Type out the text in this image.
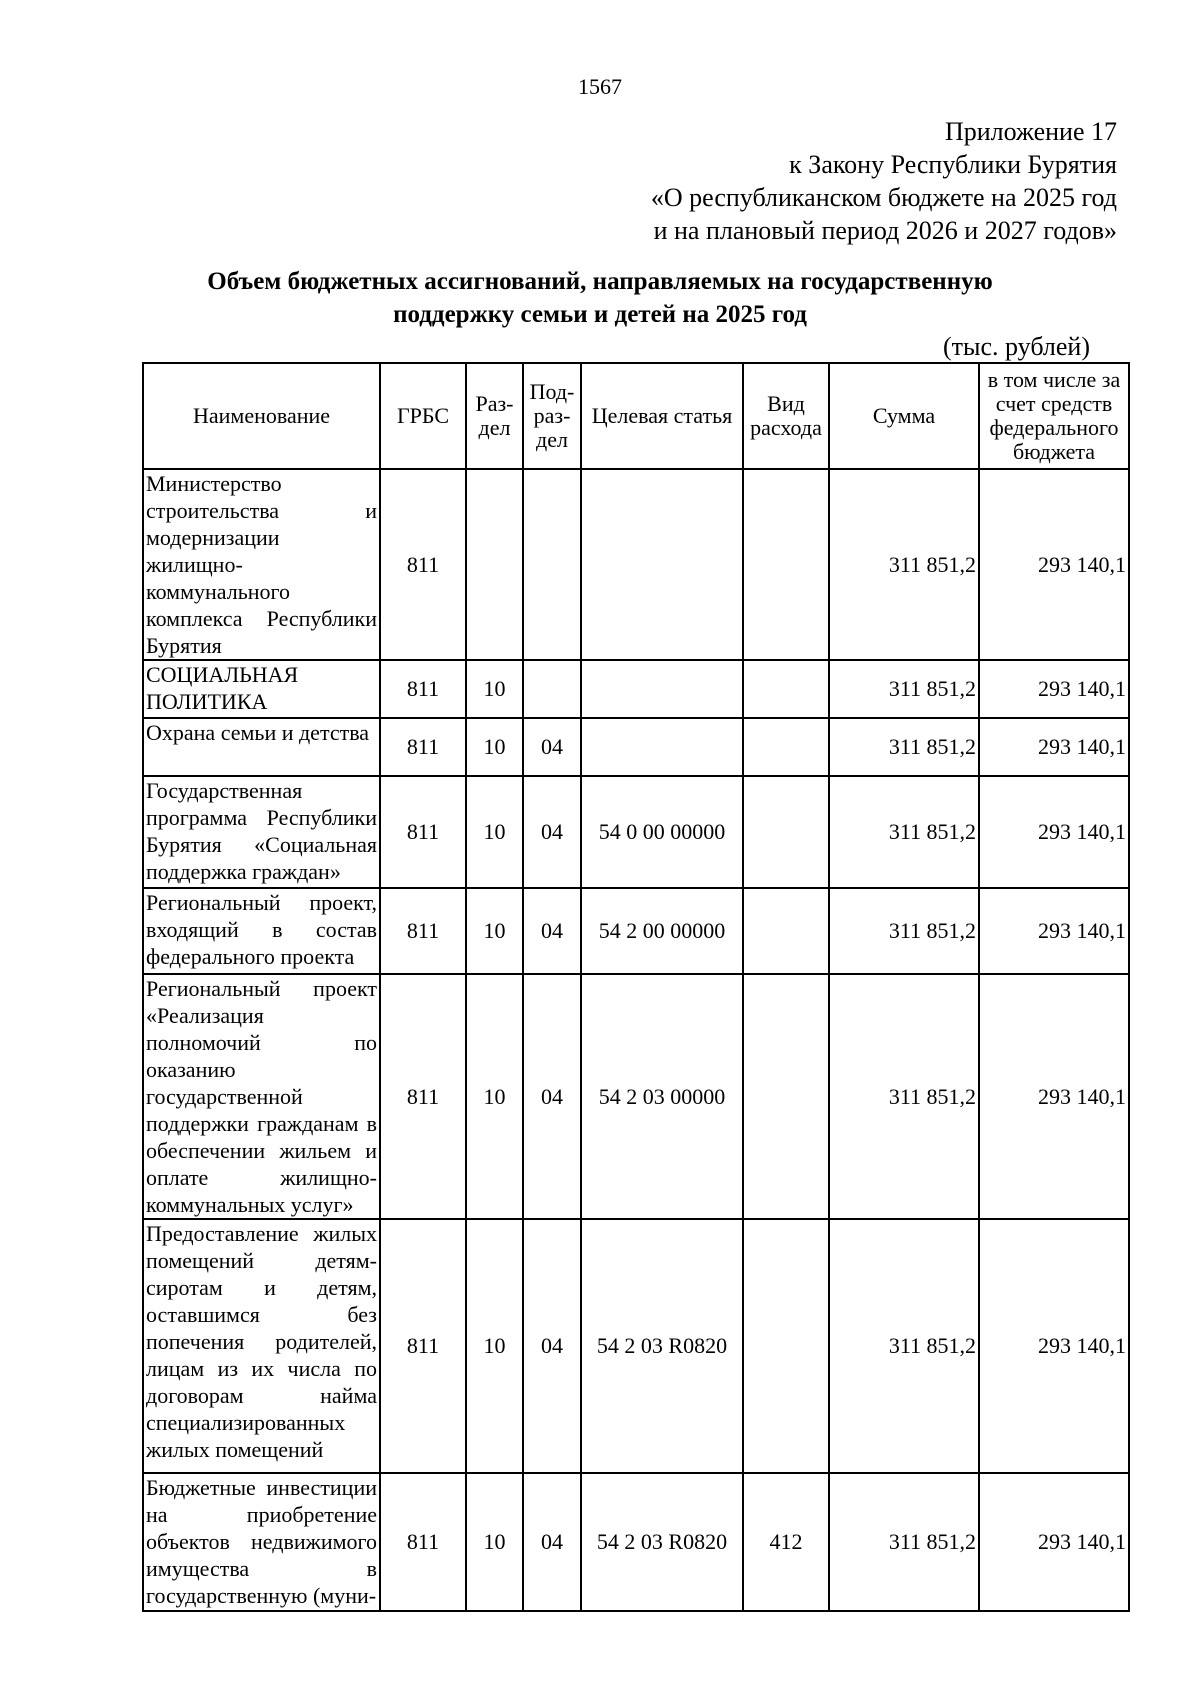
1567
Приложение 17
к Закону Республики Бурятия
«О республиканском бюджете на 2025 год
и на плановый период 2026 и 2027 годов»
Объем бюджетных ассигнований, направляемых на государственную
поддержку семьи и детей на 2025 год
(тыс. рублей)
Наименование	ГРБС	Раз-дел	Под-раз-дел	Целевая статья	Вид расхода	Сумма	в том числе за счет средств федерального бюджета
Министерство строительства и модернизации жилищно-коммунального комплекса Республики Бурятия	811					311 851,2	293 140,1
СОЦИАЛЬНАЯ ПОЛИТИКА	811	10				311 851,2	293 140,1
Охрана семьи и детства	811	10	04			311 851,2	293 140,1
Государственная программа Республики Бурятия «Социальная поддержка граждан»	811	10	04	54 0 00 00000		311 851,2	293 140,1
Региональный проект, входящий в состав федерального проекта	811	10	04	54 2 00 00000		311 851,2	293 140,1
Региональный проект «Реализация полномочий по оказанию государственной поддержки гражданам в обеспечении жильем и оплате жилищно-коммунальных услуг»	811	10	04	54 2 03 00000		311 851,2	293 140,1
Предоставление жилых помещений детям-сиротам и детям, оставшимся без попечения родителей, лицам из их числа по договорам найма специализированных жилых помещений	811	10	04	54 2 03 R0820		311 851,2	293 140,1
Бюджетные инвестиции на приобретение объектов недвижимого имущества в государственную (муни-	811	10	04	54 2 03 R0820	412	311 851,2	293 140,1
